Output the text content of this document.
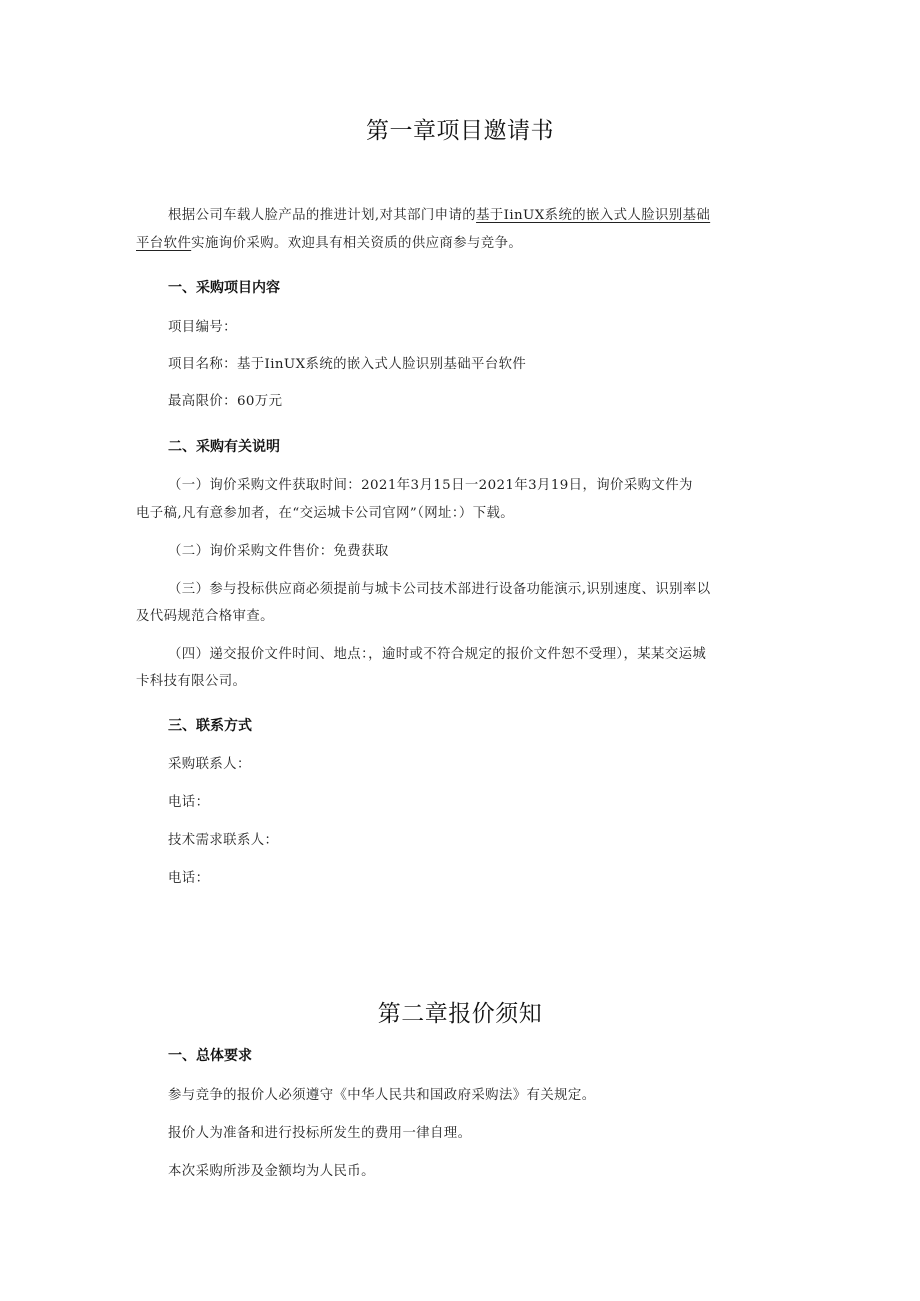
第一章项目邀请书
根据公司车载人脸产品的推进计划,对其部门申请的基于IinUX系统的嵌入式人脸识别基础
平台软件实施询价采购。欢迎具有相关资质的供应商参与竞争。
一、采购项目内容
项目编号：
项目名称：基于IinUX系统的嵌入式人脸识别基础平台软件
最高限价：60万元
二、采购有关说明
（一）询价采购文件获取时间：2021年3月15日一2021年3月19日，询价采购文件为
电子稿,凡有意参加者，在“交运城卡公司官网”（网址：）下载。
（二）询价采购文件售价：免费获取
（三）参与投标供应商必须提前与城卡公司技术部进行设备功能演示,识别速度、识别率以
及代码规范合格审查。
（四）递交报价文件时间、地点：，逾时或不符合规定的报价文件恕不受理），某某交运城
卡科技有限公司。
三、联系方式
采购联系人：
电话：
技术需求联系人：
电话：
第二章报价须知
一、总体要求
参与竞争的报价人必须遵守《中华人民共和国政府采购法》有关规定。
报价人为准备和进行投标所发生的费用一律自理。
本次采购所涉及金额均为人民币。
